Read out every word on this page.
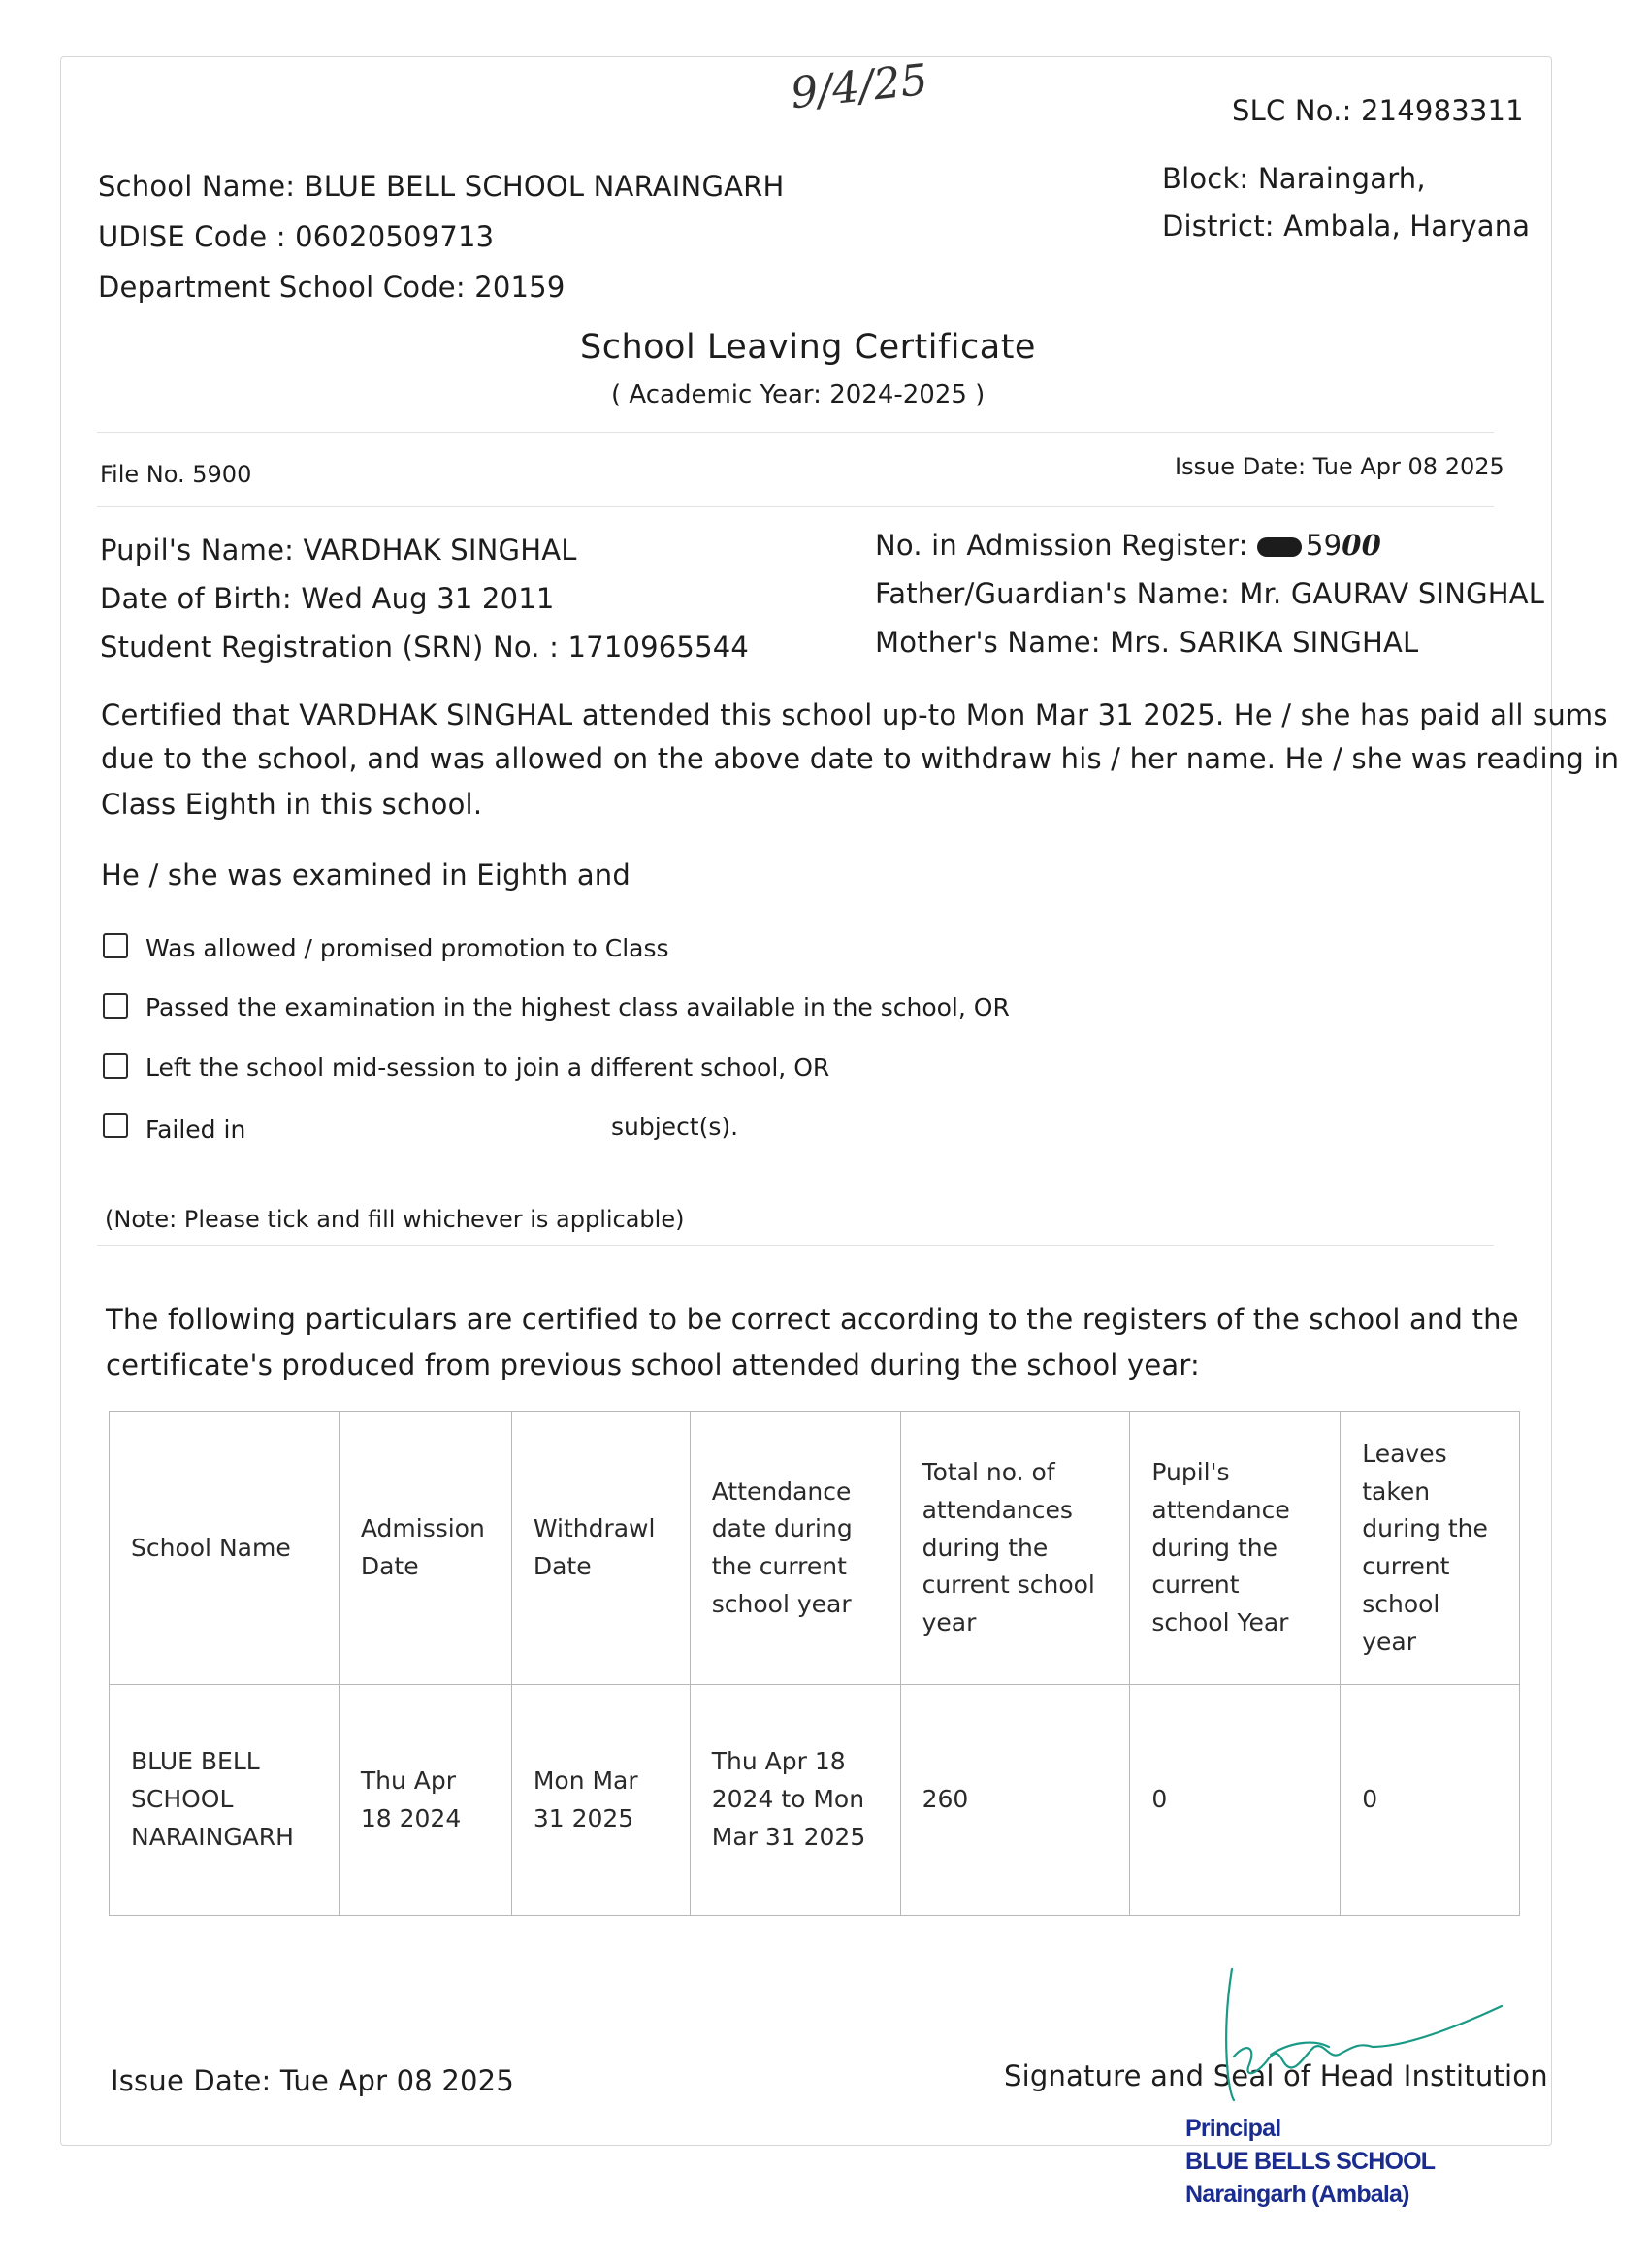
9/4/25	SLC No.: 214983311
School Name: BLUE BELL SCHOOL NARAINGARH
UDISE Code : 06020509713
Department School Code: 20159
Block: Naraingarh,
District: Ambala, Haryana
School Leaving Certificate
( Academic Year: 2024-2025 )
File No. 5900	Issue Date: Tue Apr 08 2025
Pupil's Name: VARDHAK SINGHAL
Date of Birth: Wed Aug 31 2011
Student Registration (SRN) No. : 1710965544
No. in Admission Register: 5900
Father/Guardian's Name: Mr. GAURAV SINGHAL
Mother's Name: Mrs. SARIKA SINGHAL
Certified that VARDHAK SINGHAL attended this school up-to Mon Mar 31 2025. He / she has paid all sums
due to the school, and was allowed on the above date to withdraw his / her name. He / she was reading in
Class Eighth in this school.
He / she was examined in Eighth and
Was allowed / promised promotion to Class
Passed the examination in the highest class available in the school, OR
Left the school mid-session to join a different school, OR
Failed in	subject(s).
(Note: Please tick and fill whichever is applicable)
The following particulars are certified to be correct according to the registers of the school and the
certificate's produced from previous school attended during the school year:
School Name	Admission Date	Withdrawl Date	Attendance date during the current school year	Total no. of attendances during the current school year	Pupil's attendance during the current school Year	Leaves taken during the current school year
BLUE BELL SCHOOL NARAINGARH	Thu Apr 18 2024	Mon Mar 31 2025	Thu Apr 18 2024 to Mon Mar 31 2025	260	0	0
Issue Date: Tue Apr 08 2025	Signature and Seal of Head Institution
Principal
BLUE BELLS SCHOOL
Naraingarh (Ambala)
